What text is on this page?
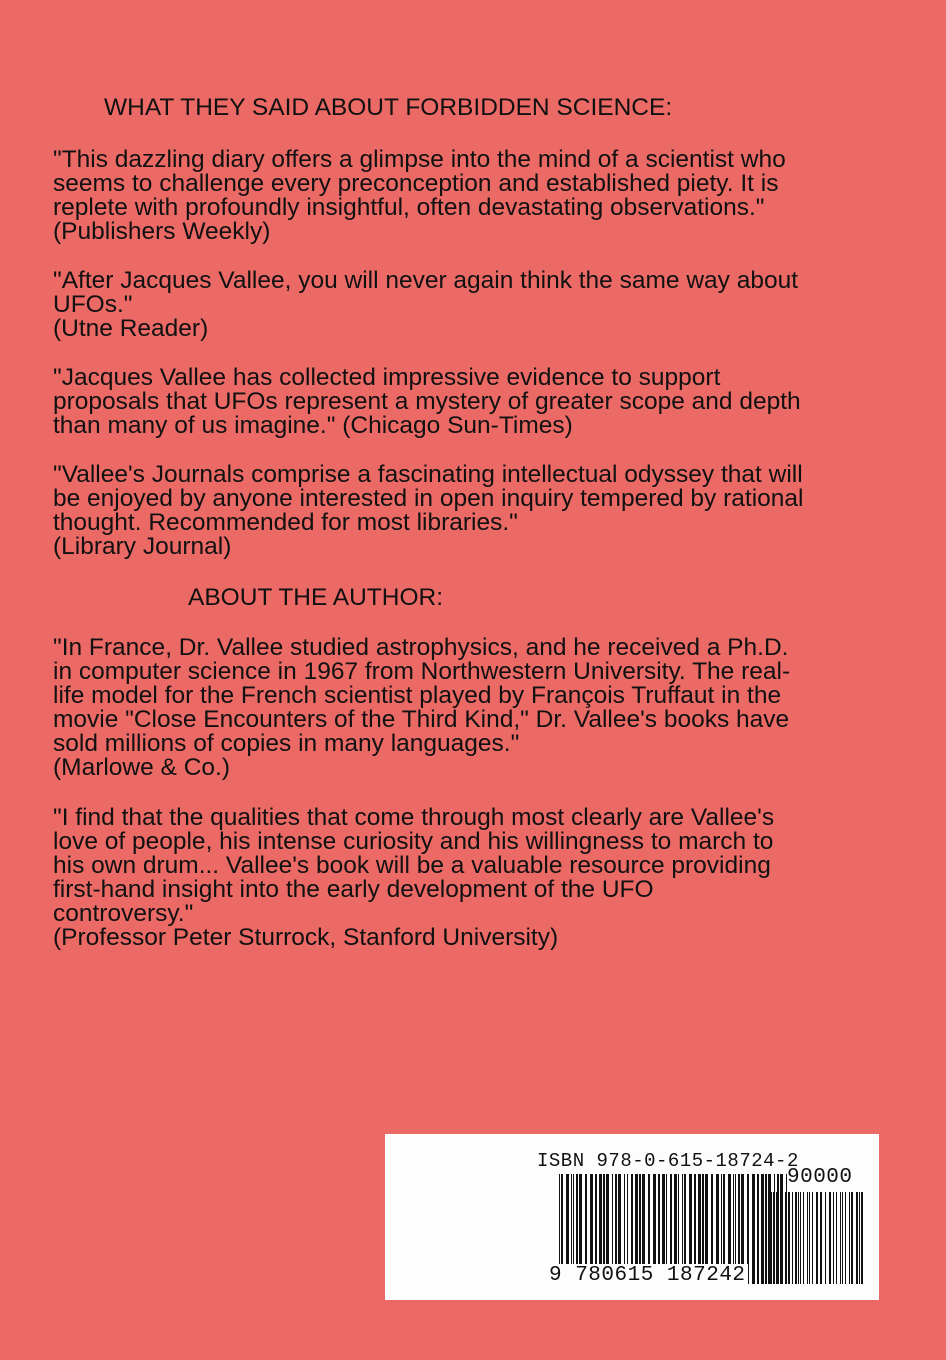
WHAT THEY SAID ABOUT FORBIDDEN SCIENCE:
"This dazzling diary offers a glimpse into the mind of a scientist who
seems to challenge every preconception and established piety. It is
replete with profoundly insightful, often devastating observations."
(Publishers Weekly)
"After Jacques Vallee, you will never again think the same way about
UFOs."
(Utne Reader)
"Jacques Vallee has collected impressive evidence to support
proposals that UFOs represent a mystery of greater scope and depth
than many of us imagine." (Chicago Sun-Times)
"Vallee's Journals comprise a fascinating intellectual odyssey that will
be enjoyed by anyone interested in open inquiry tempered by rational
thought. Recommended for most libraries."
(Library Journal)
ABOUT THE AUTHOR:
"In France, Dr. Vallee studied astrophysics, and he received a Ph.D.
in computer science in 1967 from Northwestern University. The real-
life model for the French scientist played by François Truffaut in the
movie "Close Encounters of the Third Kind," Dr. Vallee's books have
sold millions of copies in many languages."
(Marlowe & Co.)
"I find that the qualities that come through most clearly are Vallee's
love of people, his intense curiosity and his willingness to march to
his own drum... Vallee's book will be a valuable resource providing
first-hand insight into the early development of the UFO
controversy."
(Professor Peter Sturrock, Stanford University)
ISBN 978-0-615-18724-2
90000
9 780615 187242
